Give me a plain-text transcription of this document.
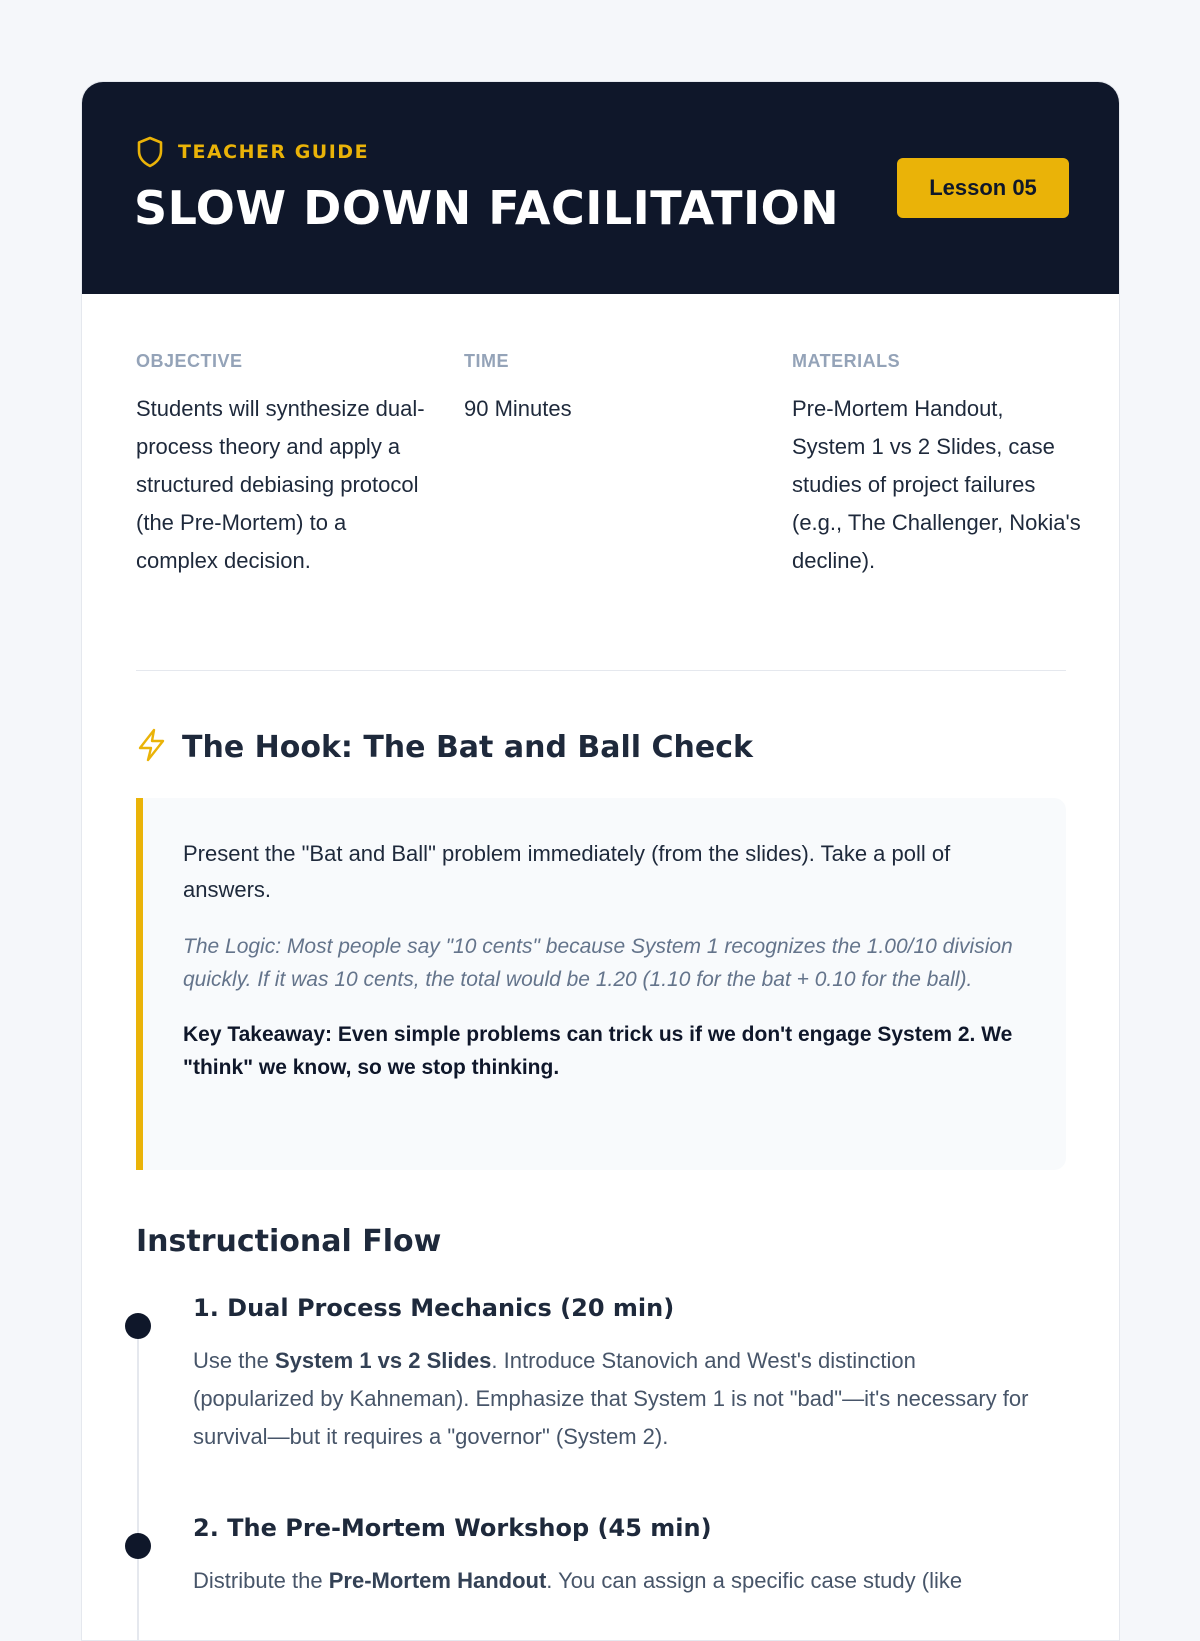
TEACHER GUIDE
SLOW DOWN FACILITATION	Lesson 05
OBJECTIVE
Students will synthesize dual-process theory and apply a structured debiasing protocol (the Pre-Mortem) to a complex decision.
TIME
90 Minutes
MATERIALS
Pre-Mortem Handout, System 1 vs 2 Slides, case studies of project failures (e.g., The Challenger, Nokia's decline).
The Hook: The Bat and Ball Check

Present the "Bat and Ball" problem immediately (from the slides). Take a poll of answers.

The Logic: Most people say "10 cents" because System 1 recognizes the 1.00/10 division quickly. If it was 10 cents, the total would be 1.20 (1.10 for the bat + 0.10 for the ball).

Key Takeaway: Even simple problems can trick us if we don't engage System 2. We "think" we know, so we stop thinking.

Instructional Flow
1. Dual Process Mechanics (20 min)
Use the System 1 vs 2 Slides. Introduce Stanovich and West's distinction (popularized by Kahneman). Emphasize that System 1 is not "bad"—it's necessary for survival—but it requires a "governor" (System 2).
2. The Pre-Mortem Workshop (45 min)
Distribute the Pre-Mortem Handout. You can assign a specific case study (like
